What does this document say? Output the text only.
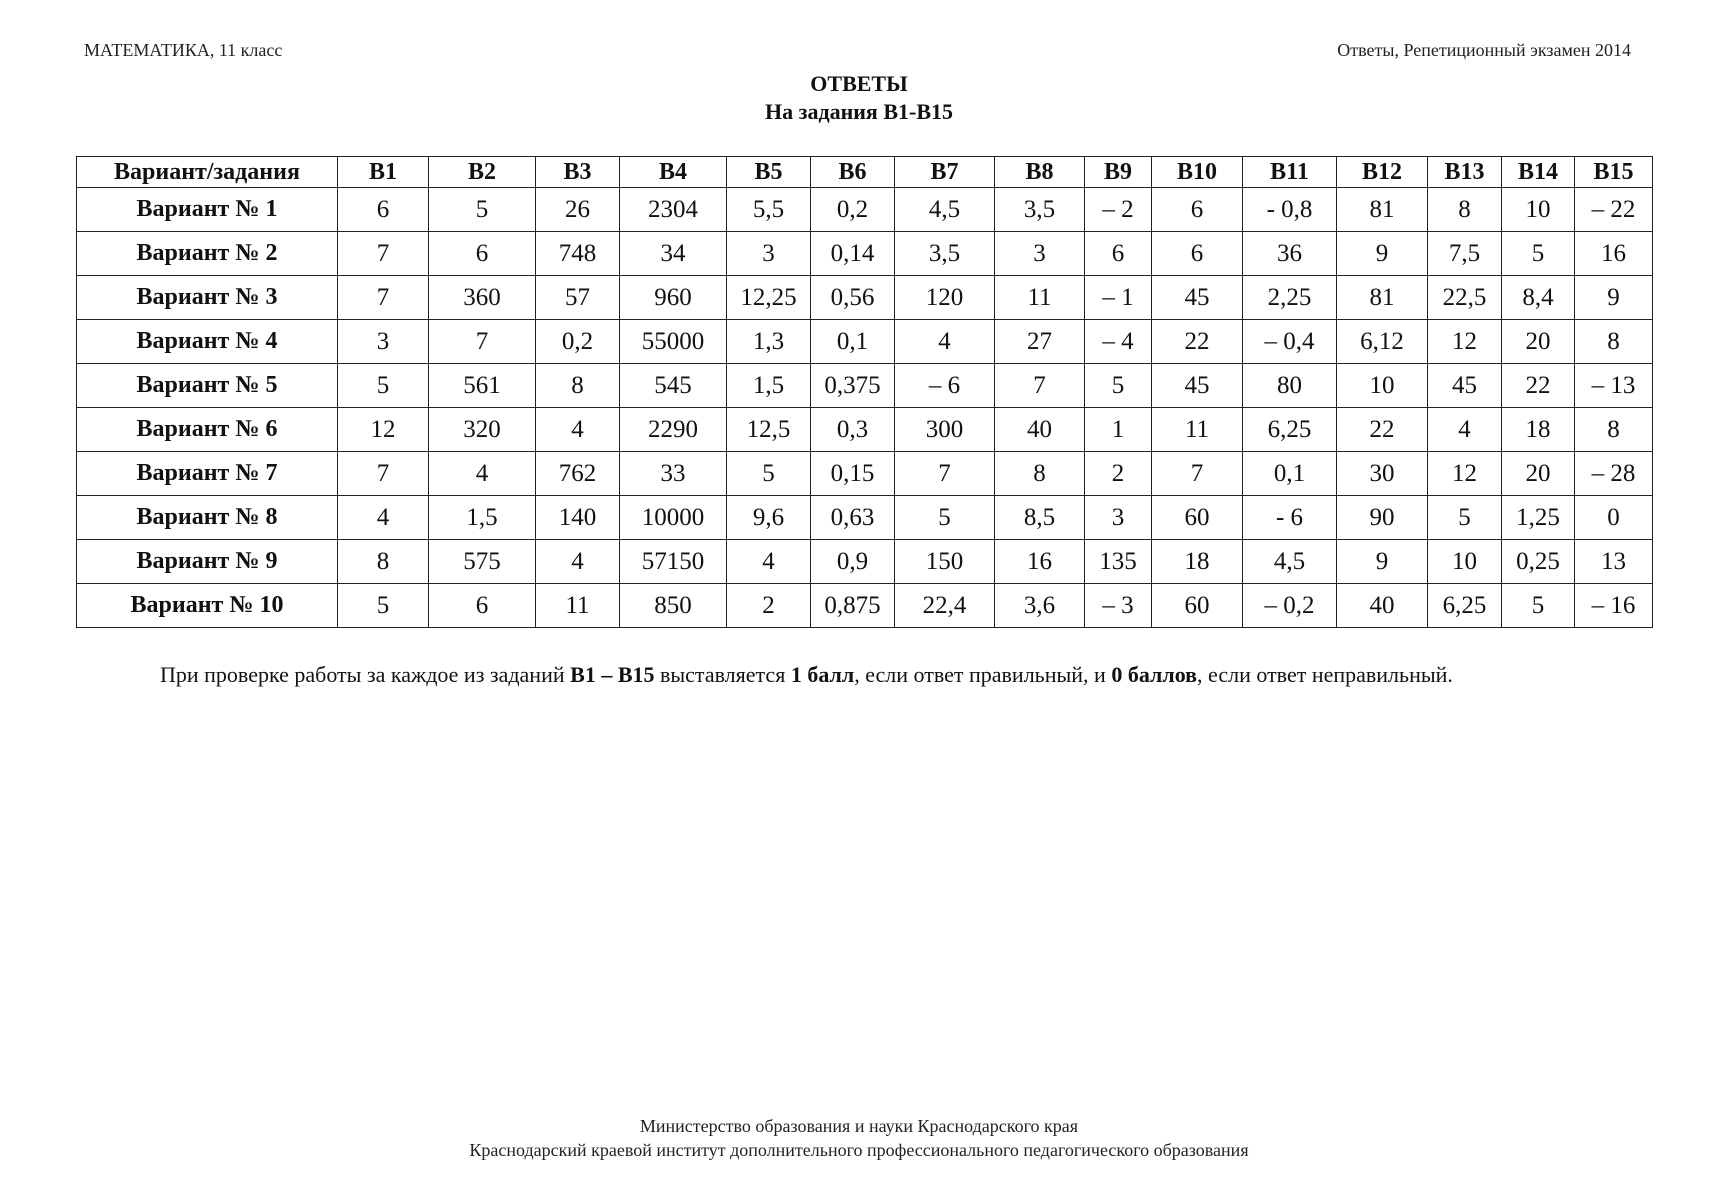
МАТЕМАТИКА, 11 класс	Ответы, Репетиционный экзамен 2014
ОТВЕТЫ
На задания В1-В15
Вариант/задания	В1	В2	В3	В4	В5	В6	В7	В8	В9	В10	В11	В12	В13	В14	В15
Вариант № 1	6	5	26	2304	5,5	0,2	4,5	3,5	– 2	6	- 0,8	81	8	10	– 22
Вариант № 2	7	6	748	34	3	0,14	3,5	3	6	6	36	9	7,5	5	16
Вариант № 3	7	360	57	960	12,25	0,56	120	11	– 1	45	2,25	81	22,5	8,4	9
Вариант № 4	3	7	0,2	55000	1,3	0,1	4	27	– 4	22	– 0,4	6,12	12	20	8
Вариант № 5	5	561	8	545	1,5	0,375	– 6	7	5	45	80	10	45	22	– 13
Вариант № 6	12	320	4	2290	12,5	0,3	300	40	1	11	6,25	22	4	18	8
Вариант № 7	7	4	762	33	5	0,15	7	8	2	7	0,1	30	12	20	– 28
Вариант № 8	4	1,5	140	10000	9,6	0,63	5	8,5	3	60	- 6	90	5	1,25	0
Вариант № 9	8	575	4	57150	4	0,9	150	16	135	18	4,5	9	10	0,25	13
Вариант № 10	5	6	11	850	2	0,875	22,4	3,6	– 3	60	– 0,2	40	6,25	5	– 16
При проверке работы за каждое из заданий В1 – В15 выставляется 1 балл, если ответ правильный, и 0 баллов, если ответ неправильный.
Министерство образования и науки Краснодарского края
Краснодарский краевой институт дополнительного профессионального педагогического образования
